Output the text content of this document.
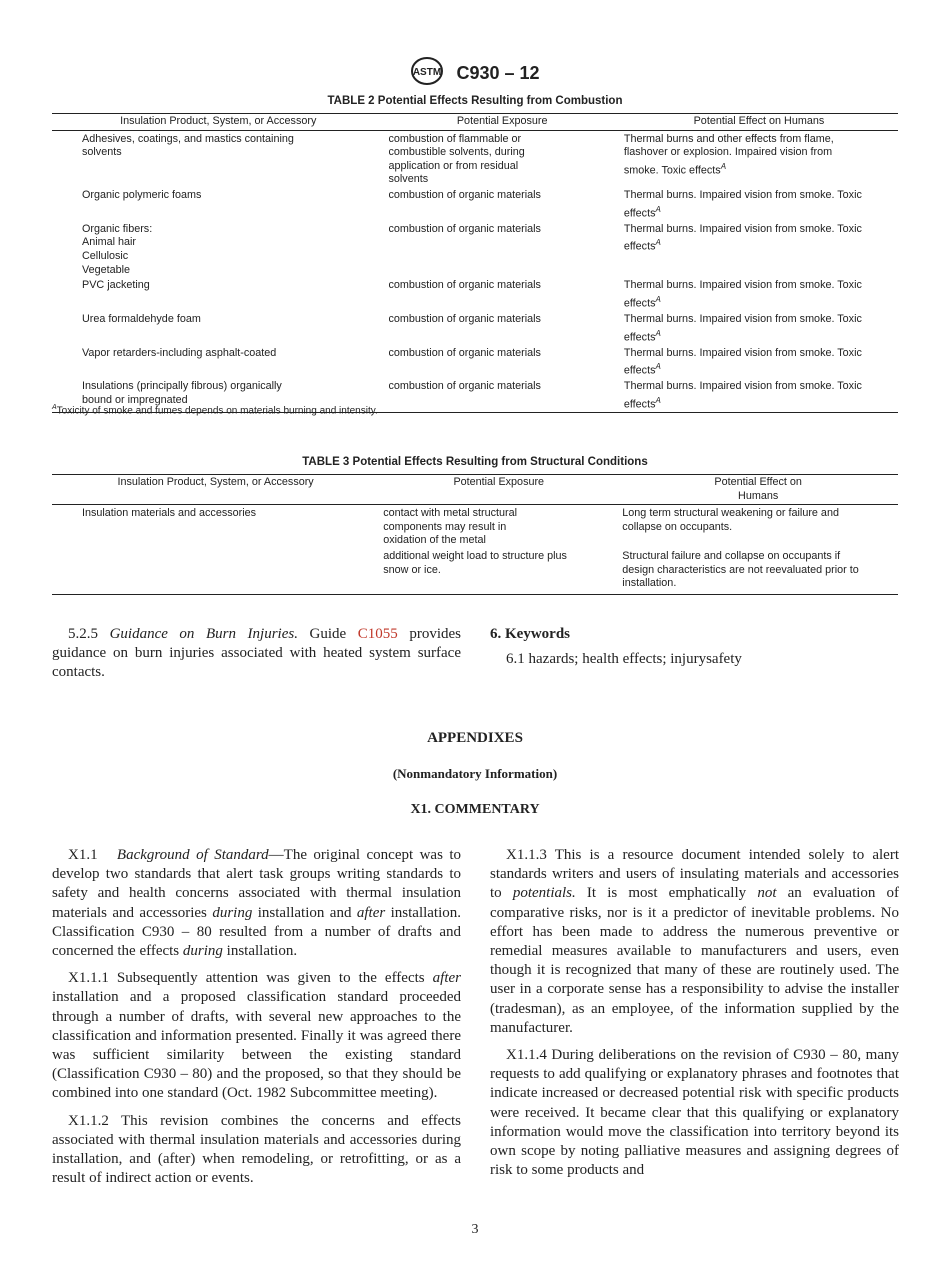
ASTM C930 – 12
TABLE 2 Potential Effects Resulting from Combustion
Insulation Product, System, or Accessory	Potential Exposure	Potential Effect on Humans

Adhesives, coatings, and mastics containing solvents	combustion of flammable or combustible solvents, during application or from residual solvents	Thermal burns and other effects from flame, flashover or explosion. Impaired vision from smoke. Toxic effects$^A$

Organic polymeric foams	combustion of organic materials	Thermal burns. Impaired vision from smoke. Toxic effects$^A$

Organic fibers:
Animal hair
Cellulosic
Vegetable	combustion of organic materials	Thermal burns. Impaired vision from smoke. Toxic effects$^A$

PVC jacketing	combustion of organic materials	Thermal burns. Impaired vision from smoke. Toxic effects$^A$

Urea formaldehyde foam	combustion of organic materials	Thermal burns. Impaired vision from smoke. Toxic effects$^A$

Vapor retarders-including asphalt-coated	combustion of organic materials	Thermal burns. Impaired vision from smoke. Toxic effects$^A$

Insulations (principally fibrous) organically bound or impregnated	combustion of organic materials	Thermal burns. Impaired vision from smoke. Toxic effects$^A$
$^A$Toxicity of smoke and fumes depends on materials burning and intensity.
TABLE 3 Potential Effects Resulting from Structural Conditions
Insulation Product, System, or Accessory	Potential Exposure	Potential Effect on Humans

Insulation materials and accessories	contact with metal structural components may result in oxidation of the metal	Long term structural weakening or failure and collapse on occupants.

	additional weight load to structure plus snow or ice.	Structural failure and collapse on occupants if design characteristics are not reevaluated prior to installation.

5.2.5 Guidance on Burn Injuries. Guide C1055 provides guidance on burn injuries associated with heated system surface contacts.

6. Keywords
6.1 hazards; health effects; injurysafety
APPENDIXES
(Nonmandatory Information)
X1. COMMENTARY

X1.1 Background of Standard—The original concept was to develop two standards that alert task groups writing standards to safety and health concerns associated with thermal insulation materials and accessories during installation and after installation. Classification C930 – 80 resulted from a number of drafts and concerned the effects during installation.

X1.1.1 Subsequently attention was given to the effects after installation and a proposed classification standard proceeded through a number of drafts, with several new approaches to the classification and information presented. Finally it was agreed there was sufficient similarity between the existing standard (Classification C930 – 80) and the proposed, so that they should be combined into one standard (Oct. 1982 Subcommittee meeting).

X1.1.2 This revision combines the concerns and effects associated with thermal insulation materials and accessories during installation, and (after) when remodeling, or retrofitting, or as a result of indirect action or events.

X1.1.3 This is a resource document intended solely to alert standards writers and users of insulating materials and accessories to potentials. It is most emphatically not an evaluation of comparative risks, nor is it a predictor of inevitable problems. No effort has been made to address the numerous preventive or remedial measures available to manufacturers and users, even though it is recognized that many of these are routinely used. The user in a corporate sense has a responsibility to advise the installer (tradesman), as an employee, of the information supplied by the manufacturer.

X1.1.4 During deliberations on the revision of C930 – 80, many requests to add qualifying or explanatory phrases and footnotes that indicate increased or decreased potential risk with specific products were received. It became clear that this qualifying or explanatory information would move the classification into territory beyond its own scope by noting palliative measures and assigning degrees of risk to some products and

3
